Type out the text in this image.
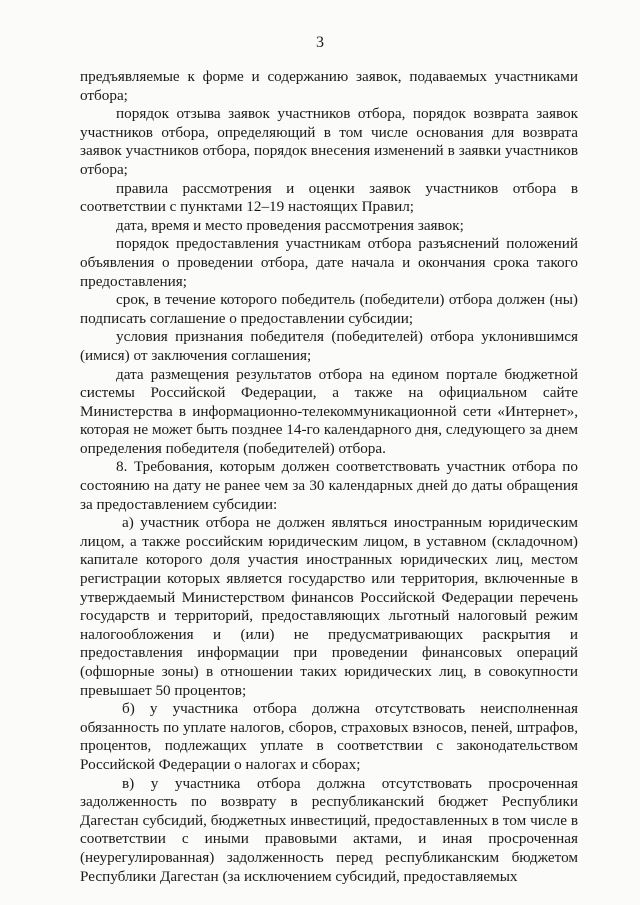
3

предъявляемые к форме и содержанию заявок, подаваемых участниками отбора;

порядок отзыва заявок участников отбора, порядок возврата заявок участников отбора, определяющий в том числе основания для возврата заявок участников отбора, порядок внесения изменений в заявки участников отбора;

правила рассмотрения и оценки заявок участников отбора в соответствии с пунктами 12–19 настоящих Правил;

дата, время и место проведения рассмотрения заявок;

порядок предоставления участникам отбора разъяснений положений объявления о проведении отбора, дате начала и окончания срока такого предоставления;

срок, в течение которого победитель (победители) отбора должен (ны) подписать соглашение о предоставлении субсидии;

условия признания победителя (победителей) отбора уклонившимся (имися) от заключения соглашения;

дата размещения результатов отбора на едином портале бюджетной системы Российской Федерации, а также на официальном сайте Министерства в информационно-телекоммуникационной сети «Интернет», которая не может быть позднее 14-го календарного дня, следующего за днем определения победителя (победителей) отбора.

8. Требования, которым должен соответствовать участник отбора по состоянию на дату не ранее чем за 30 календарных дней до даты обращения за предоставлением субсидии:

а) участник отбора не должен являться иностранным юридическим лицом, а также российским юридическим лицом, в уставном (складочном) капитале которого доля участия иностранных юридических лиц, местом регистрации которых является государство или территория, включенные в утверждаемый Министерством финансов Российской Федерации перечень государств и территорий, предоставляющих льготный налоговый режим налогообложения и (или) не предусматривающих раскрытия и предоставления информации при проведении финансовых операций (офшорные зоны) в отношении таких юридических лиц, в совокупности превышает 50 процентов;

б) у участника отбора должна отсутствовать неисполненная обязанность по уплате налогов, сборов, страховых взносов, пеней, штрафов, процентов, подлежащих уплате в соответствии с законодательством Российской Федерации о налогах и сборах;

в) у участника отбора должна отсутствовать просроченная задолженность по возврату в республиканский бюджет Республики Дагестан субсидий, бюджетных инвестиций, предоставленных в том числе в соответствии с иными правовыми актами, и иная просроченная (неурегулированная) задолженность перед республиканским бюджетом Республики Дагестан (за исключением субсидий, предоставляемых
